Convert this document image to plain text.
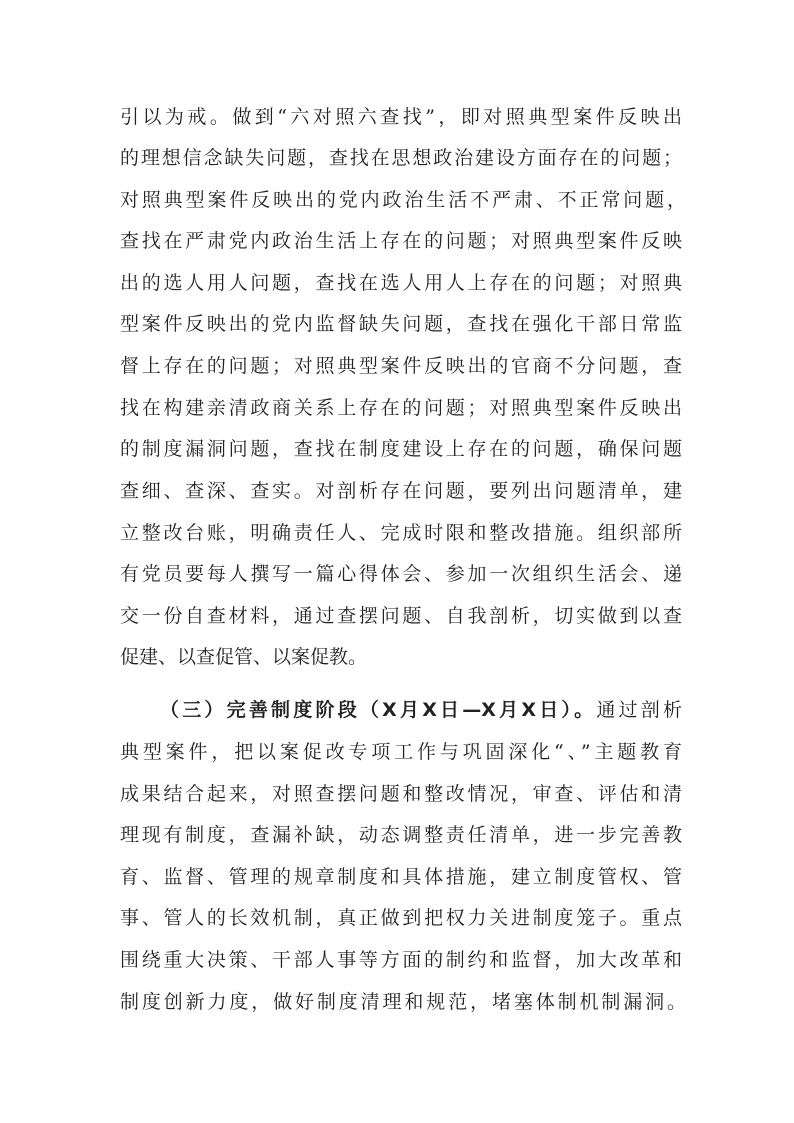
引以为戒。做到“六对照六查找”，即对照典型案件反映出
的理想信念缺失问题，查找在思想政治建设方面存在的问题；
对照典型案件反映出的党内政治生活不严肃、不正常问题，
查找在严肃党内政治生活上存在的问题；对照典型案件反映
出的选人用人问题，查找在选人用人上存在的问题；对照典
型案件反映出的党内监督缺失问题，查找在强化干部日常监
督上存在的问题；对照典型案件反映出的官商不分问题，查
找在构建亲清政商关系上存在的问题；对照典型案件反映出
的制度漏洞问题，查找在制度建设上存在的问题，确保问题
查细、查深、查实。对剖析存在问题，要列出问题清单，建
立整改台账，明确责任人、完成时限和整改措施。组织部所
有党员要每人撰写一篇心得体会、参加一次组织生活会、递
交一份自查材料，通过查摆问题、自我剖析，切实做到以查
促建、以查促管、以案促教。
（三）完善制度阶段（X月X日—X月X日）。通过剖析
典型案件，把以案促改专项工作与巩固深化“、”主题教育
成果结合起来，对照查摆问题和整改情况，审查、评估和清
理现有制度，查漏补缺，动态调整责任清单，进一步完善教
育、监督、管理的规章制度和具体措施，建立制度管权、管
事、管人的长效机制，真正做到把权力关进制度笼子。重点
围绕重大决策、干部人事等方面的制约和监督，加大改革和
制度创新力度，做好制度清理和规范，堵塞体制机制漏洞。
